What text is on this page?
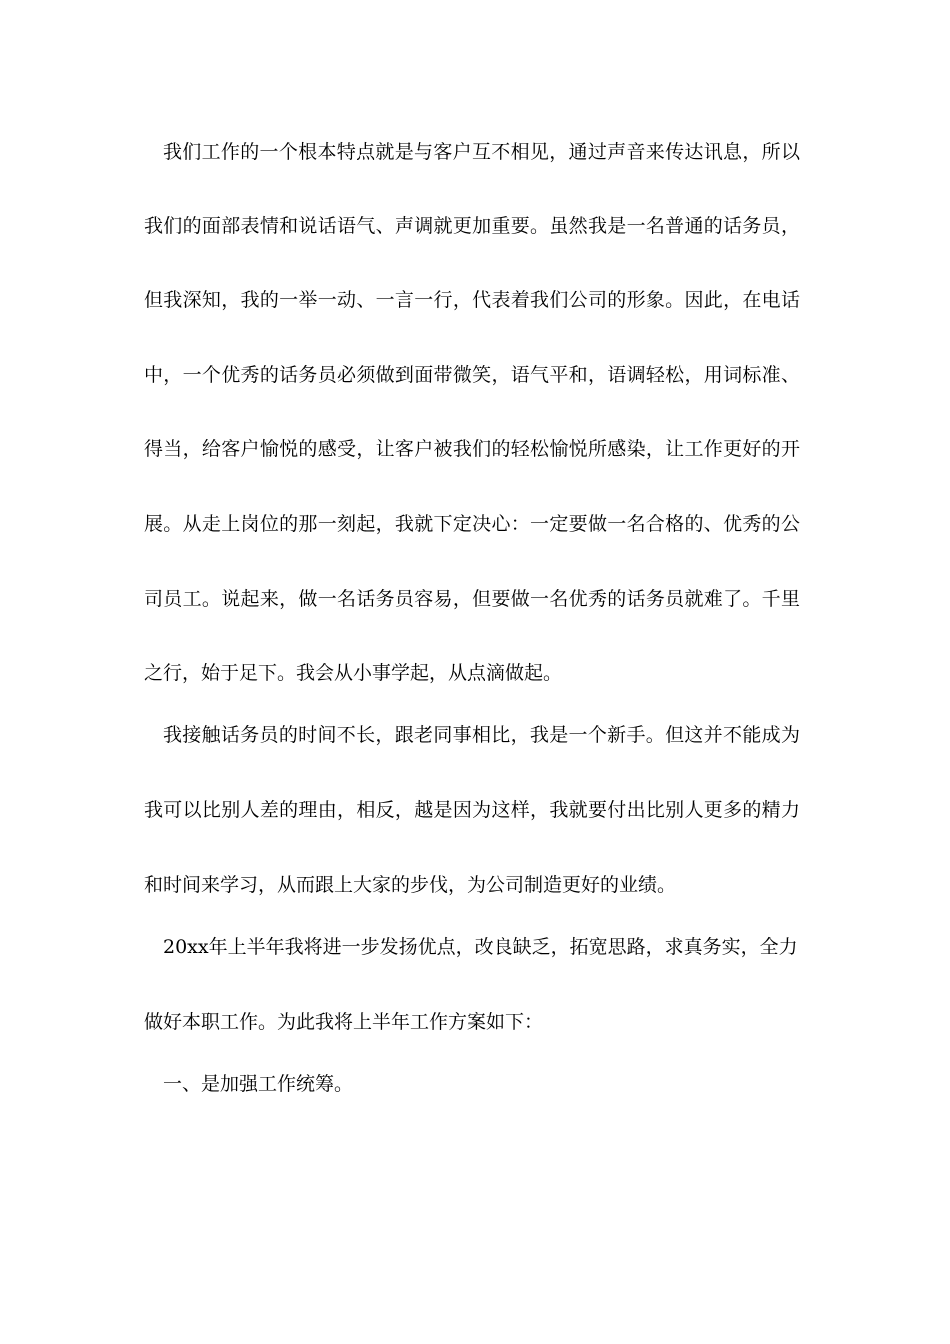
我们工作的一个根本特点就是与客户互不相见，通过声音来传达讯息，所以
我们的面部表情和说话语气、声调就更加重要。虽然我是一名普通的话务员，
但我深知，我的一举一动、一言一行，代表着我们公司的形象。因此，在电话
中，一个优秀的话务员必须做到面带微笑，语气平和，语调轻松，用词标准、
得当，给客户愉悦的感受，让客户被我们的轻松愉悦所感染，让工作更好的开
展。从走上岗位的那一刻起，我就下定决心：一定要做一名合格的、优秀的公
司员工。说起来，做一名话务员容易，但要做一名优秀的话务员就难了。千里
之行，始于足下。我会从小事学起，从点滴做起。
我接触话务员的时间不长，跟老同事相比，我是一个新手。但这并不能成为
我可以比别人差的理由，相反，越是因为这样，我就要付出比别人更多的精力
和时间来学习，从而跟上大家的步伐，为公司制造更好的业绩。
20xx年上半年我将进一步发扬优点，改良缺乏，拓宽思路，求真务实，全力
做好本职工作。为此我将上半年工作方案如下：
一、是加强工作统筹。
